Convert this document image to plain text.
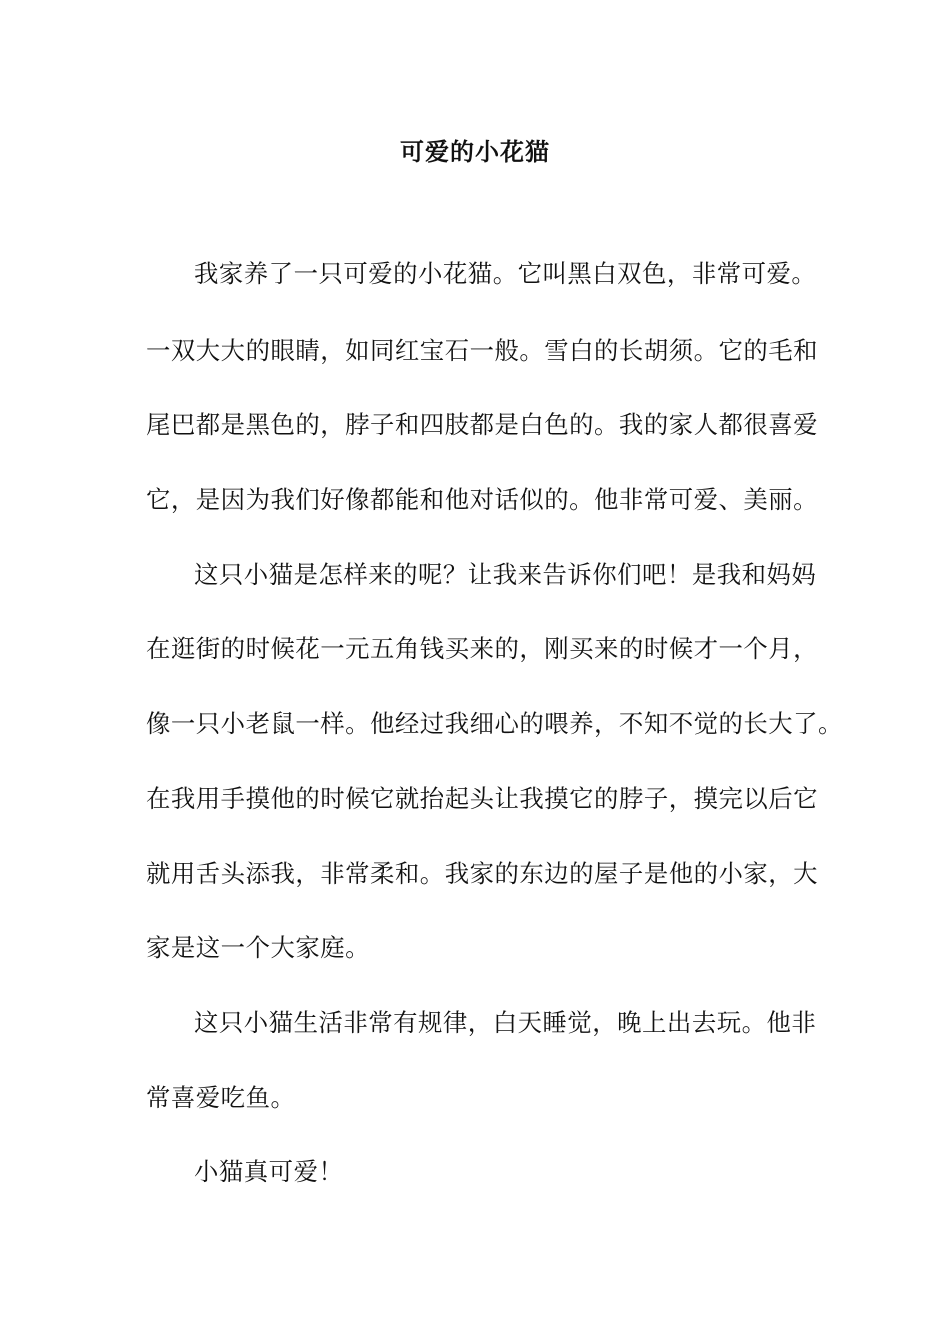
可爱的小花猫
我家养了一只可爱的小花猫。它叫黑白双色，非常可爱。
一双大大的眼睛，如同红宝石一般。雪白的长胡须。它的毛和
尾巴都是黑色的，脖子和四肢都是白色的。我的家人都很喜爱
它，是因为我们好像都能和他对话似的。他非常可爱、美丽。
这只小猫是怎样来的呢？让我来告诉你们吧！是我和妈妈
在逛街的时候花一元五角钱买来的，刚买来的时候才一个月，
像一只小老鼠一样。他经过我细心的喂养，不知不觉的长大了。
在我用手摸他的时候它就抬起头让我摸它的脖子，摸完以后它
就用舌头添我，非常柔和。我家的东边的屋子是他的小家，大
家是这一个大家庭。
这只小猫生活非常有规律，白天睡觉，晚上出去玩。他非
常喜爱吃鱼。
小猫真可爱！
